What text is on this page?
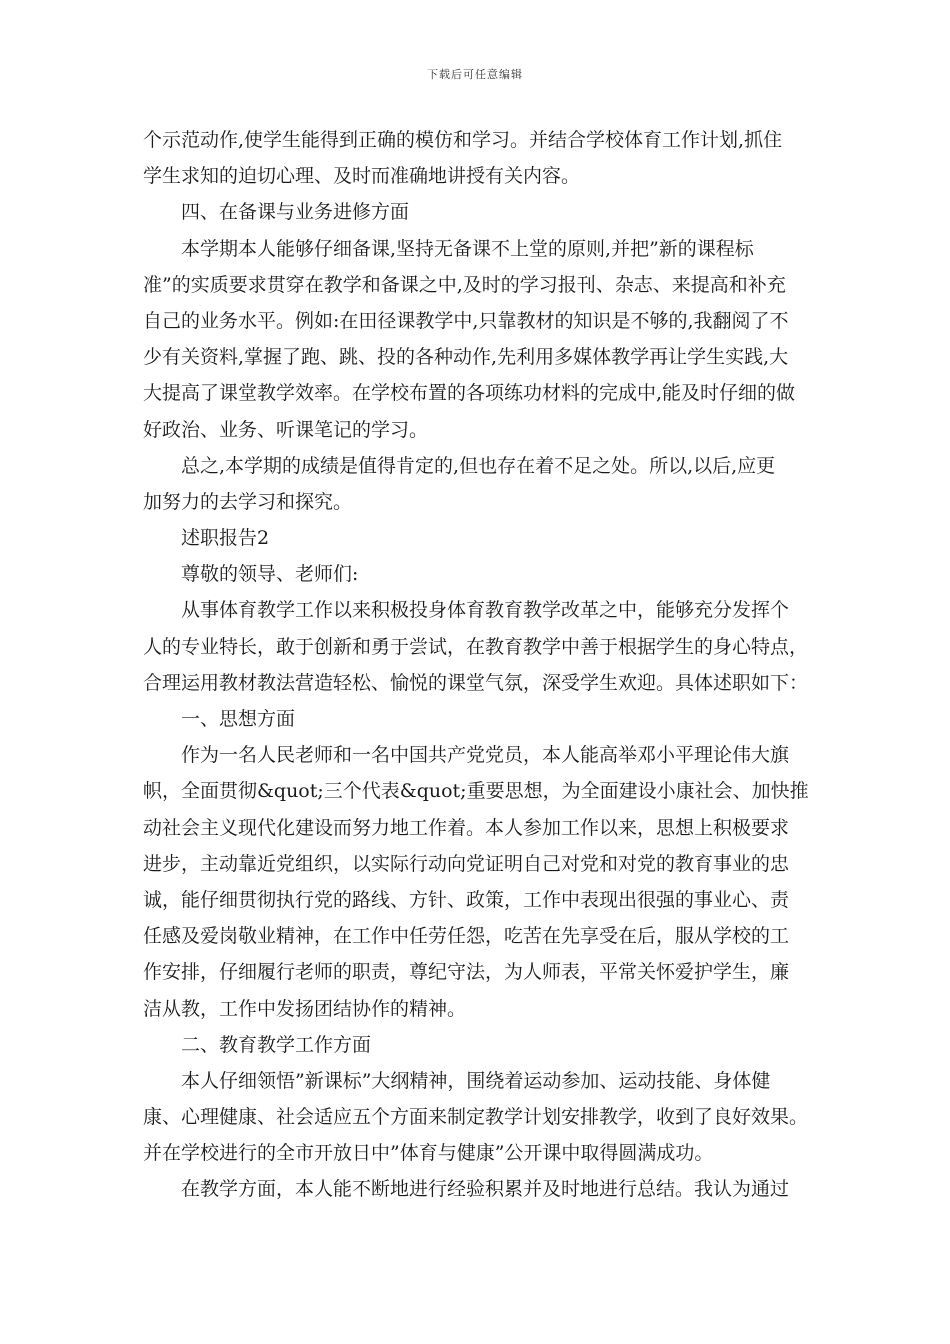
下载后可任意编辑
个示范动作,使学生能得到正确的模仿和学习。并结合学校体育工作计划,抓住
学生求知的迫切心理、及时而准确地讲授有关内容。
四、在备课与业务进修方面
本学期本人能够仔细备课,坚持无备课不上堂的原则,并把”新的课程标
准”的实质要求贯穿在教学和备课之中,及时的学习报刊、杂志、来提高和补充
自己的业务水平。例如:在田径课教学中,只靠教材的知识是不够的,我翻阅了不
少有关资料,掌握了跑、跳、投的各种动作,先利用多媒体教学再让学生实践,大
大提高了课堂教学效率。在学校布置的各项练功材料的完成中,能及时仔细的做
好政治、业务、听课笔记的学习。
总之,本学期的成绩是值得肯定的,但也存在着不足之处。所以,以后,应更
加努力的去学习和探究。
述职报告2
尊敬的领导、老师们:
从事体育教学工作以来积极投身体育教育教学改革之中，能够充分发挥个
人的专业特长，敢于创新和勇于尝试，在教育教学中善于根据学生的身心特点，
合理运用教材教法营造轻松、愉悦的课堂气氛，深受学生欢迎。具体述职如下：
一、思想方面
作为一名人民老师和一名中国共产党党员，本人能高举邓小平理论伟大旗
帜，全面贯彻&quot;三个代表&quot;重要思想，为全面建设小康社会、加快推
动社会主义现代化建设而努力地工作着。本人参加工作以来，思想上积极要求
进步，主动靠近党组织，以实际行动向党证明自己对党和对党的教育事业的忠
诚，能仔细贯彻执行党的路线、方针、政策，工作中表现出很强的事业心、责
任感及爱岗敬业精神，在工作中任劳任怨，吃苦在先享受在后，服从学校的工
作安排，仔细履行老师的职责，尊纪守法，为人师表，平常关怀爱护学生，廉
洁从教，工作中发扬团结协作的精神。
二、教育教学工作方面
本人仔细领悟”新课标”大纲精神，围绕着运动参加、运动技能、身体健
康、心理健康、社会适应五个方面来制定教学计划安排教学，收到了良好效果。
并在学校进行的全市开放日中”体育与健康”公开课中取得圆满成功。
在教学方面，本人能不断地进行经验积累并及时地进行总结。我认为通过
